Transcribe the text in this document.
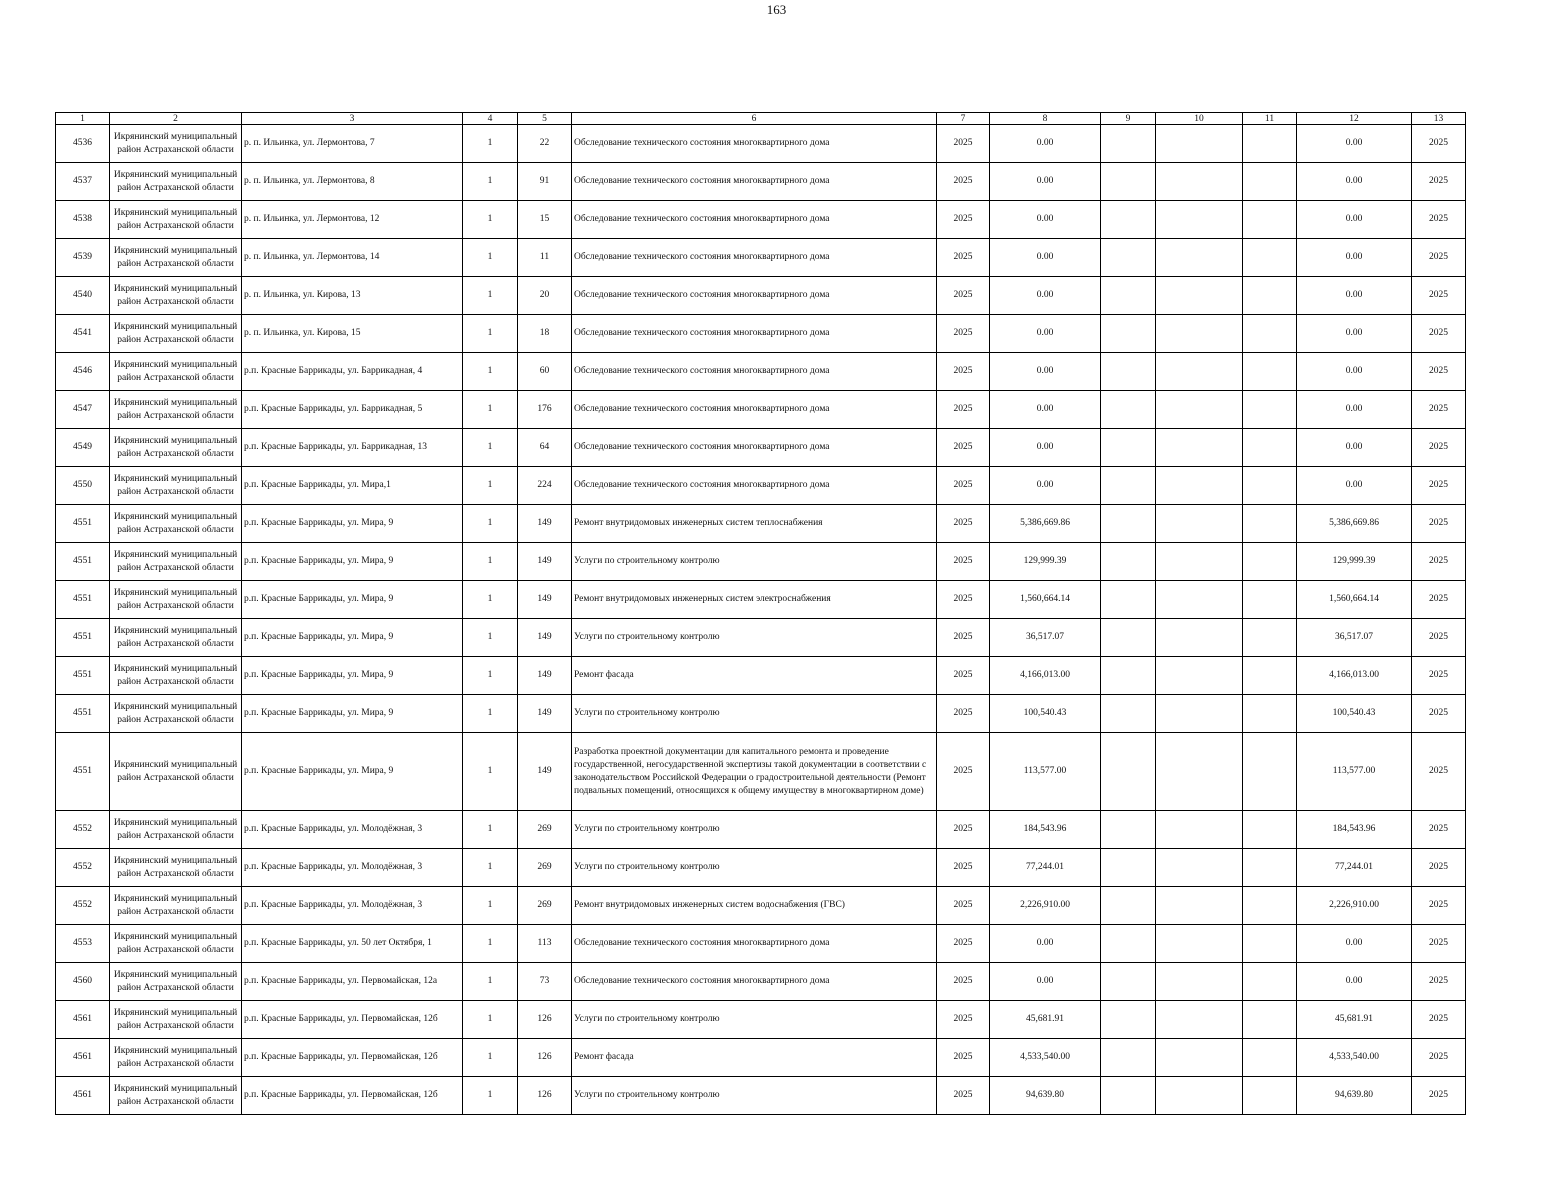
163
1	2	3	4	5	6	7	8	9	10	11	12	13
4536	Икрянинский муниципальный район Астраханской области	р. п. Ильинка, ул. Лермонтова, 7	1	22	Обследование технического состояния многоквартирного дома	2025	0.00				0.00	2025
4537	Икрянинский муниципальный район Астраханской области	р. п. Ильинка, ул. Лермонтова, 8	1	91	Обследование технического состояния многоквартирного дома	2025	0.00				0.00	2025
4538	Икрянинский муниципальный район Астраханской области	р. п. Ильинка, ул. Лермонтова, 12	1	15	Обследование технического состояния многоквартирного дома	2025	0.00				0.00	2025
4539	Икрянинский муниципальный район Астраханской области	р. п. Ильинка, ул. Лермонтова, 14	1	11	Обследование технического состояния многоквартирного дома	2025	0.00				0.00	2025
4540	Икрянинский муниципальный район Астраханской области	р. п. Ильинка, ул. Кирова, 13	1	20	Обследование технического состояния многоквартирного дома	2025	0.00				0.00	2025
4541	Икрянинский муниципальный район Астраханской области	р. п. Ильинка, ул. Кирова, 15	1	18	Обследование технического состояния многоквартирного дома	2025	0.00				0.00	2025
4546	Икрянинский муниципальный район Астраханской области	р.п. Красные Баррикады, ул. Баррикадная, 4	1	60	Обследование технического состояния многоквартирного дома	2025	0.00				0.00	2025
4547	Икрянинский муниципальный район Астраханской области	р.п. Красные Баррикады, ул. Баррикадная, 5	1	176	Обследование технического состояния многоквартирного дома	2025	0.00				0.00	2025
4549	Икрянинский муниципальный район Астраханской области	р.п. Красные Баррикады, ул. Баррикадная, 13	1	64	Обследование технического состояния многоквартирного дома	2025	0.00				0.00	2025
4550	Икрянинский муниципальный район Астраханской области	р.п. Красные Баррикады, ул. Мира,1	1	224	Обследование технического состояния многоквартирного дома	2025	0.00				0.00	2025
4551	Икрянинский муниципальный район Астраханской области	р.п. Красные Баррикады, ул. Мира, 9	1	149	Ремонт внутридомовых инженерных систем теплоснабжения	2025	5,386,669.86				5,386,669.86	2025
4551	Икрянинский муниципальный район Астраханской области	р.п. Красные Баррикады, ул. Мира, 9	1	149	Услуги по строительному контролю	2025	129,999.39				129,999.39	2025
4551	Икрянинский муниципальный район Астраханской области	р.п. Красные Баррикады, ул. Мира, 9	1	149	Ремонт внутридомовых инженерных систем электроснабжения	2025	1,560,664.14				1,560,664.14	2025
4551	Икрянинский муниципальный район Астраханской области	р.п. Красные Баррикады, ул. Мира, 9	1	149	Услуги по строительному контролю	2025	36,517.07				36,517.07	2025
4551	Икрянинский муниципальный район Астраханской области	р.п. Красные Баррикады, ул. Мира, 9	1	149	Ремонт фасада	2025	4,166,013.00				4,166,013.00	2025
4551	Икрянинский муниципальный район Астраханской области	р.п. Красные Баррикады, ул. Мира, 9	1	149	Услуги по строительному контролю	2025	100,540.43				100,540.43	2025
4551	Икрянинский муниципальный район Астраханской области	р.п. Красные Баррикады, ул. Мира, 9	1	149	Разработка проектной документации для капитального ремонта и проведение государственной, негосударственной экспертизы такой документации в соответствии с законодательством Российской Федерации о градостроительной деятельности (Ремонт подвальных помещений, относящихся к общему имуществу в многоквартирном доме)	2025	113,577.00				113,577.00	2025
4552	Икрянинский муниципальный район Астраханской области	р.п. Красные Баррикады, ул. Молодёжная, 3	1	269	Услуги по строительному контролю	2025	184,543.96				184,543.96	2025
4552	Икрянинский муниципальный район Астраханской области	р.п. Красные Баррикады, ул. Молодёжная, 3	1	269	Услуги по строительному контролю	2025	77,244.01				77,244.01	2025
4552	Икрянинский муниципальный район Астраханской области	р.п. Красные Баррикады, ул. Молодёжная, 3	1	269	Ремонт внутридомовых инженерных систем водоснабжения (ГВС)	2025	2,226,910.00				2,226,910.00	2025
4553	Икрянинский муниципальный район Астраханской области	р.п. Красные Баррикады, ул. 50 лет Октября, 1	1	113	Обследование технического состояния многоквартирного дома	2025	0.00				0.00	2025
4560	Икрянинский муниципальный район Астраханской области	р.п. Красные Баррикады, ул. Первомайская, 12а	1	73	Обследование технического состояния многоквартирного дома	2025	0.00				0.00	2025
4561	Икрянинский муниципальный район Астраханской области	р.п. Красные Баррикады, ул. Первомайская, 12б	1	126	Услуги по строительному контролю	2025	45,681.91				45,681.91	2025
4561	Икрянинский муниципальный район Астраханской области	р.п. Красные Баррикады, ул. Первомайская, 12б	1	126	Ремонт фасада	2025	4,533,540.00				4,533,540.00	2025
4561	Икрянинский муниципальный район Астраханской области	р.п. Красные Баррикады, ул. Первомайская, 12б	1	126	Услуги по строительному контролю	2025	94,639.80				94,639.80	2025
